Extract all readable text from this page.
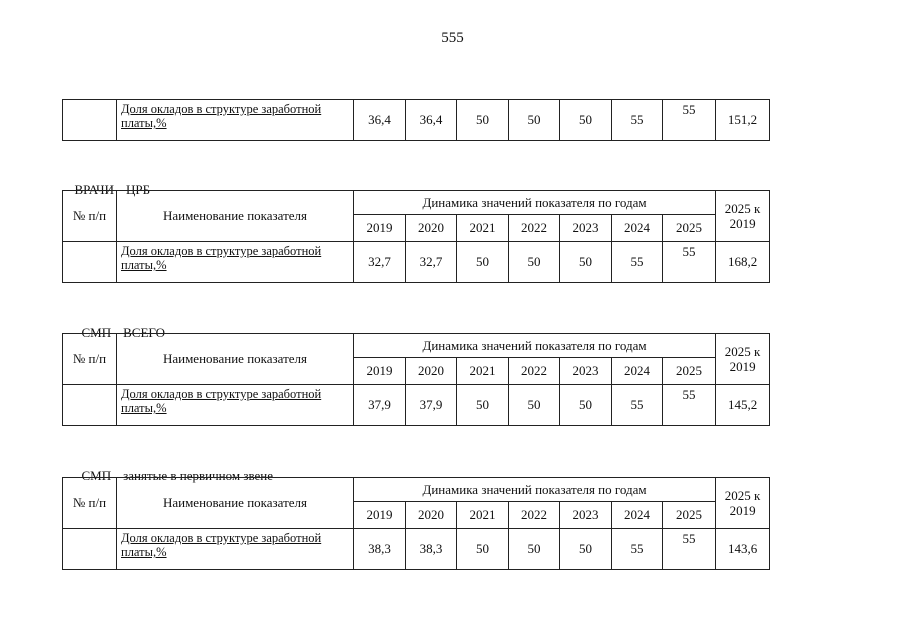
555
	Доля окладов в структуре заработной платы,%	36,4	36,4	50	50	50	55	55	151,2

ВРАЧИ ЦРБ

№ п/п	Наименование показателя	Динамика значений показателя по годам							2025 к 2019
		2019	2020	2021	2022	2023	2024	2025	
	Доля окладов в структуре заработной платы,%	32,7	32,7	50	50	50	55	55	168,2

СМП ВСЕГО

№ п/п	Наименование показателя	Динамика значений показателя по годам							2025 к 2019
		2019	2020	2021	2022	2023	2024	2025	
	Доля окладов в структуре заработной платы,%	37,9	37,9	50	50	50	55	55	145,2

СМП занятые в первичном звене

№ п/п	Наименование показателя	Динамика значений показателя по годам							2025 к 2019
		2019	2020	2021	2022	2023	2024	2025	
	Доля окладов в структуре заработной платы,%	38,3	38,3	50	50	50	55	55	143,6
